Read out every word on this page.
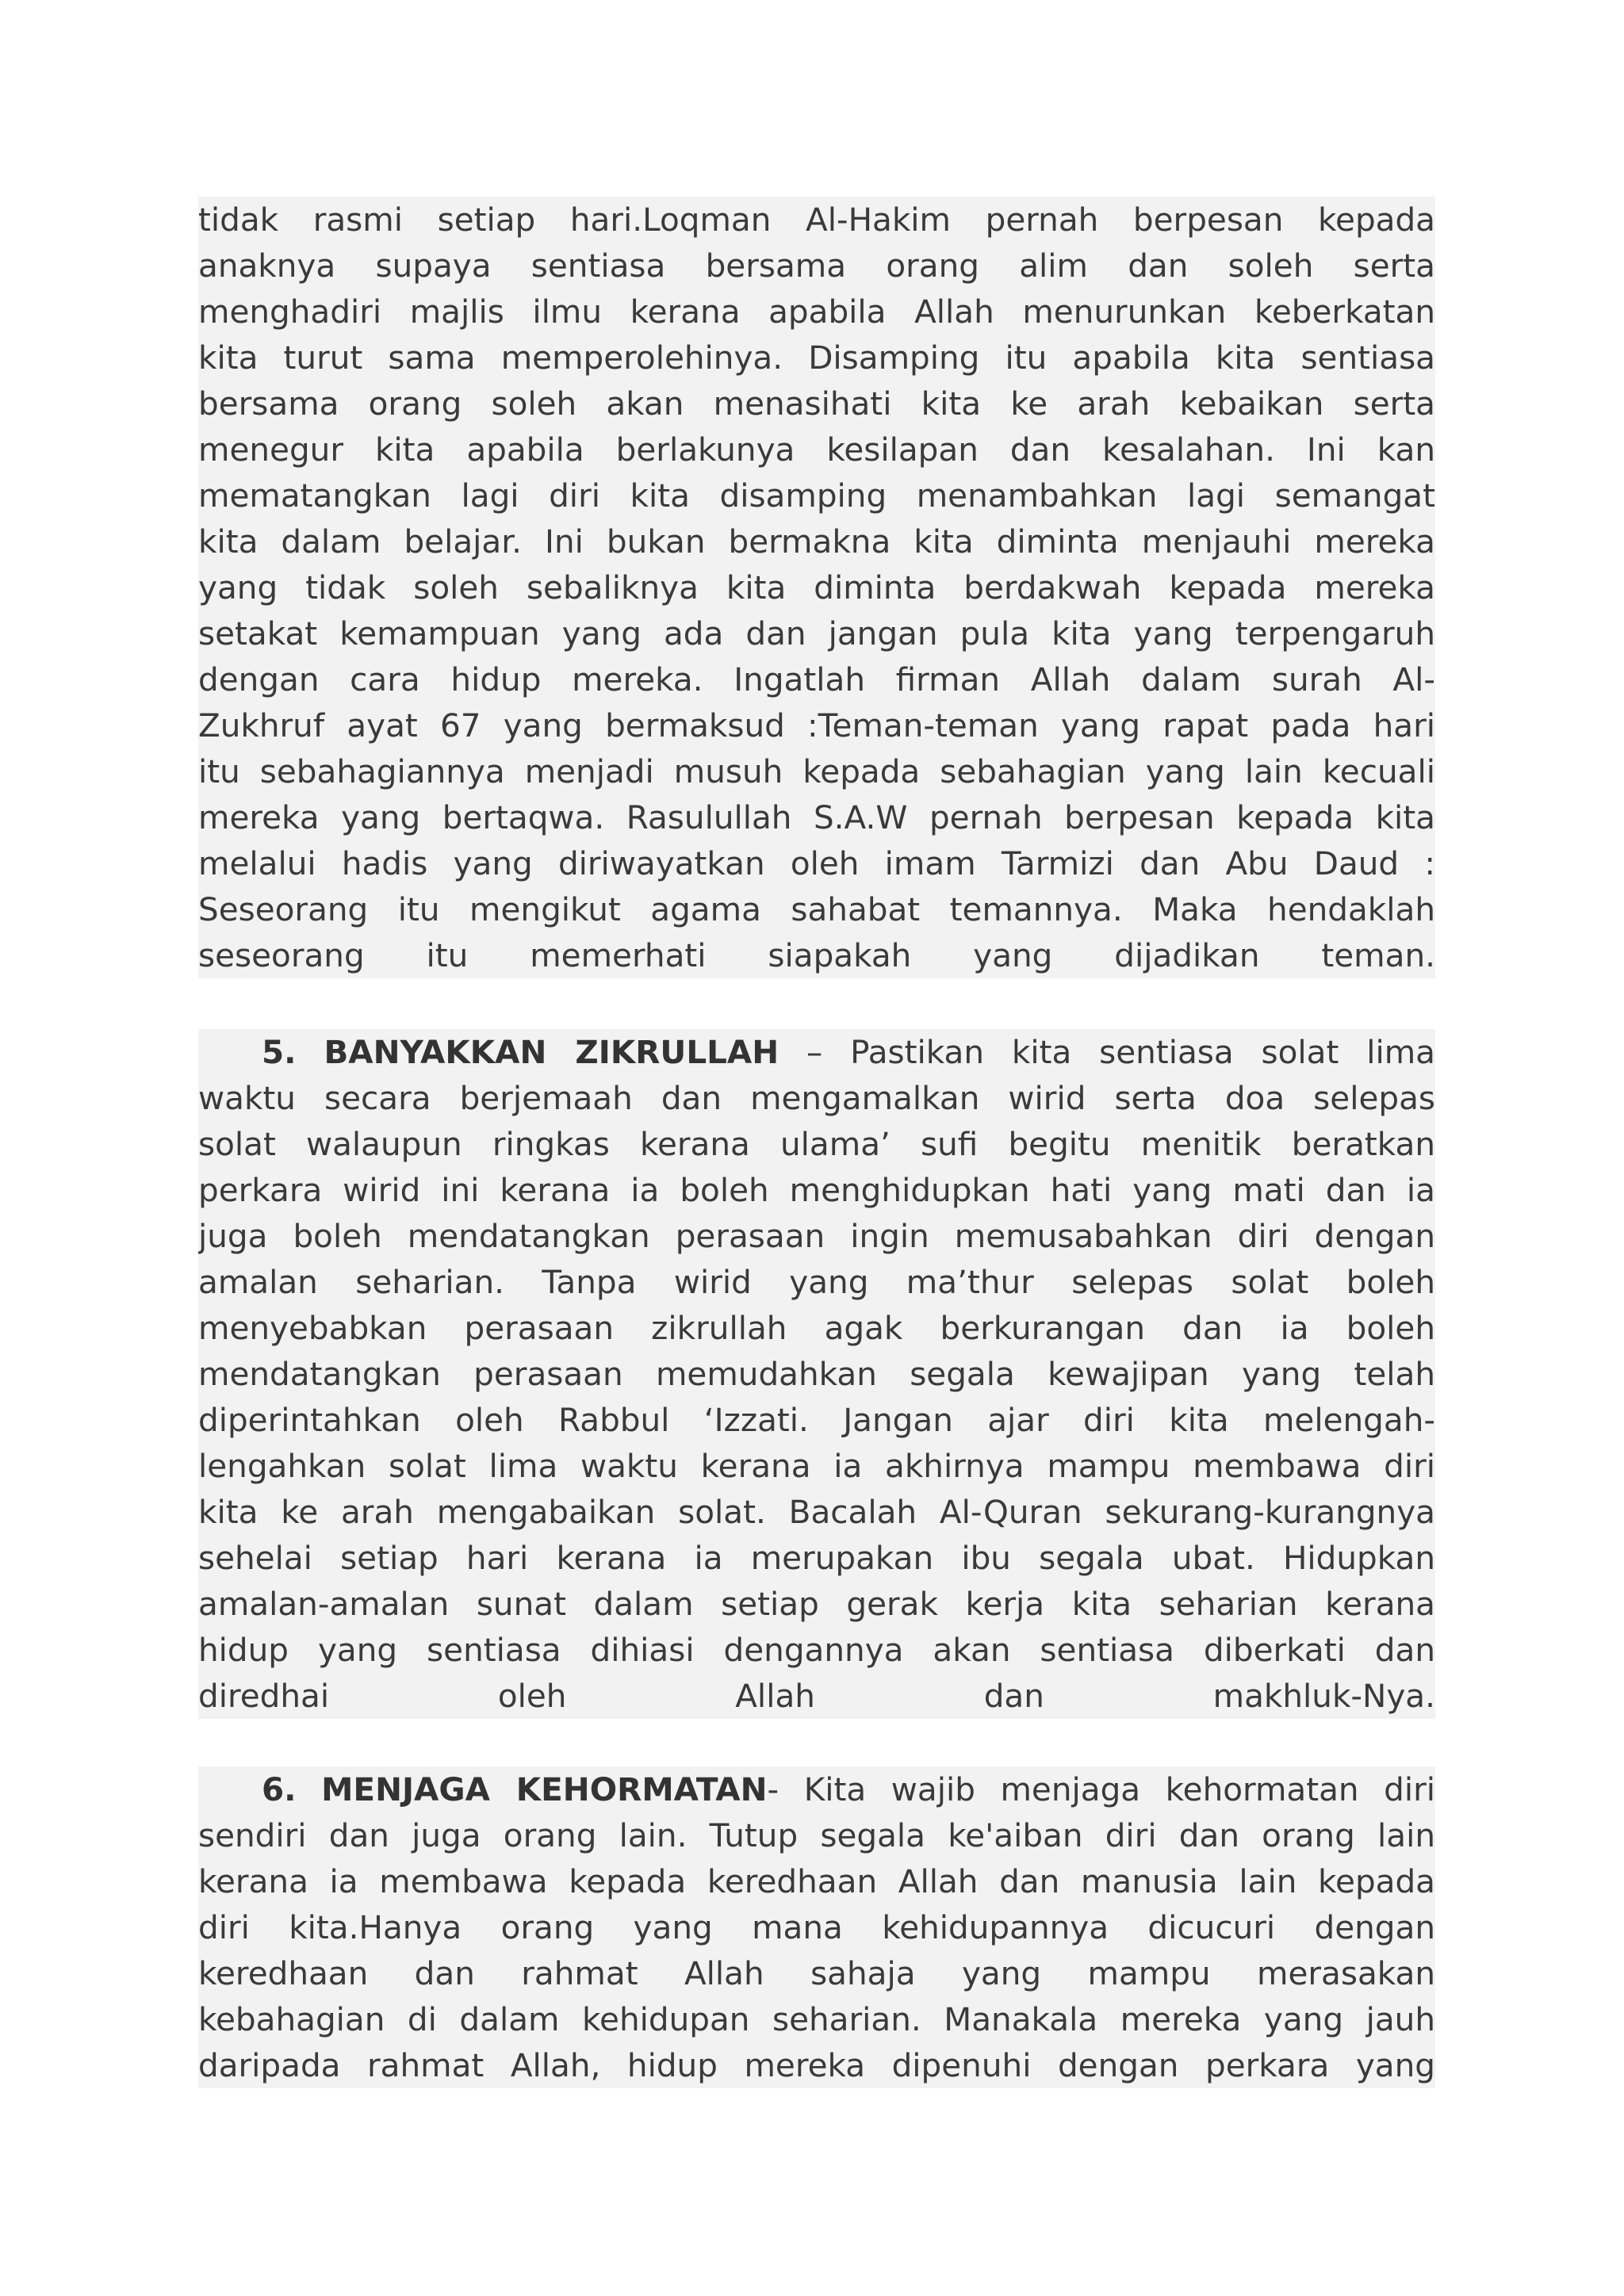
tidak rasmi setiap hari.Loqman Al-Hakim pernah berpesan kepada
anaknya supaya sentiasa bersama orang alim dan soleh serta
menghadiri majlis ilmu kerana apabila Allah menurunkan keberkatan
kita turut sama memperolehinya. Disamping itu apabila kita sentiasa
bersama orang soleh akan menasihati kita ke arah kebaikan serta
menegur kita apabila berlakunya kesilapan dan kesalahan. Ini kan
mematangkan lagi diri kita disamping menambahkan lagi semangat
kita dalam belajar. Ini bukan bermakna kita diminta menjauhi mereka
yang tidak soleh sebaliknya kita diminta berdakwah kepada mereka
setakat kemampuan yang ada dan jangan pula kita yang terpengaruh
dengan cara hidup mereka. Ingatlah firman Allah dalam surah Al-
Zukhruf ayat 67 yang bermaksud :Teman-teman yang rapat pada hari
itu sebahagiannya menjadi musuh kepada sebahagian yang lain kecuali
mereka yang bertaqwa. Rasulullah S.A.W pernah berpesan kepada kita
melalui hadis yang diriwayatkan oleh imam Tarmizi dan Abu Daud :
Seseorang itu mengikut agama sahabat temannya. Maka hendaklah
seseorang itu memerhati siapakah yang dijadikan teman.
5. BANYAKKAN ZIKRULLAH – Pastikan kita sentiasa solat lima
waktu secara berjemaah dan mengamalkan wirid serta doa selepas
solat walaupun ringkas kerana ulama’ sufi begitu menitik beratkan
perkara wirid ini kerana ia boleh menghidupkan hati yang mati dan ia
juga boleh mendatangkan perasaan ingin memusabahkan diri dengan
amalan seharian. Tanpa wirid yang ma’thur selepas solat boleh
menyebabkan perasaan zikrullah agak berkurangan dan ia boleh
mendatangkan perasaan memudahkan segala kewajipan yang telah
diperintahkan oleh Rabbul ‘Izzati. Jangan ajar diri kita melengah-
lengahkan solat lima waktu kerana ia akhirnya mampu membawa diri
kita ke arah mengabaikan solat. Bacalah Al-Quran sekurang-kurangnya
sehelai setiap hari kerana ia merupakan ibu segala ubat. Hidupkan
amalan-amalan sunat dalam setiap gerak kerja kita seharian kerana
hidup yang sentiasa dihiasi dengannya akan sentiasa diberkati dan
diredhai oleh Allah dan makhluk-Nya.
6. MENJAGA KEHORMATAN- Kita wajib menjaga kehormatan diri
sendiri dan juga orang lain. Tutup segala ke'aiban diri dan orang lain
kerana ia membawa kepada keredhaan Allah dan manusia lain kepada
diri kita.Hanya orang yang mana kehidupannya dicucuri dengan
keredhaan dan rahmat Allah sahaja yang mampu merasakan
kebahagian di dalam kehidupan seharian. Manakala mereka yang jauh
daripada rahmat Allah, hidup mereka dipenuhi dengan perkara yang
